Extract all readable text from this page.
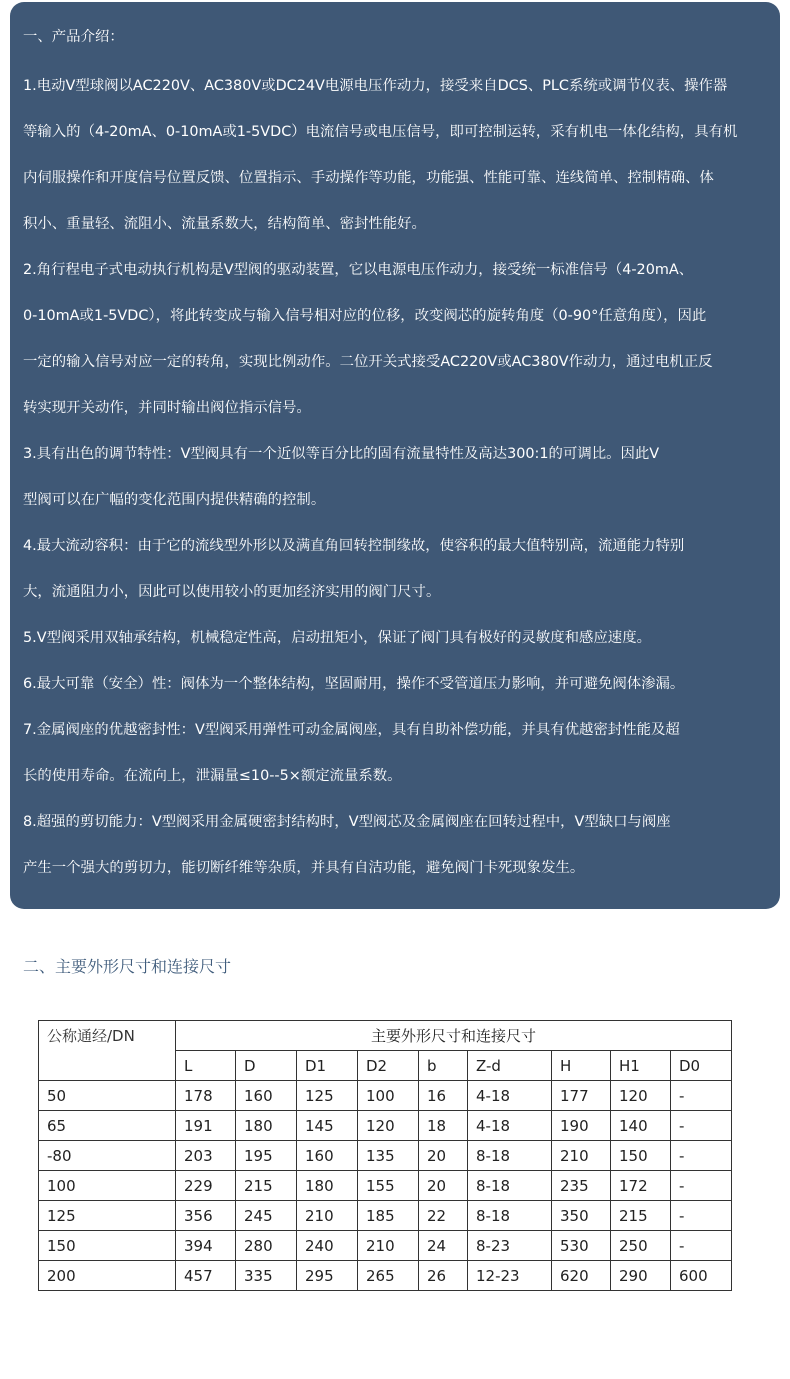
一、产品介绍：
1.电动V型球阀以AC220V、AC380V或DC24V电源电压作动力，接受来自DCS、PLC系统或调节仪表、操作器
等输入的（4-20mA、0-10mA或1-5VDC）电流信号或电压信号，即可控制运转，采有机电一体化结构，具有机
内伺服操作和开度信号位置反馈、位置指示、手动操作等功能，功能强、性能可靠、连线简单、控制精确、体
积小、重量轻、流阻小、流量系数大，结构简单、密封性能好。
2.角行程电子式电动执行机构是V型阀的驱动装置，它以电源电压作动力，接受统一标准信号（4-20mA、
0-10mA或1-5VDC），将此转变成与输入信号相对应的位移，改变阀芯的旋转角度（0-90°任意角度），因此
一定的输入信号对应一定的转角，实现比例动作。二位开关式接受AC220V或AC380V作动力，通过电机正反
转实现开关动作，并同时输出阀位指示信号。
3.具有出色的调节特性：V型阀具有一个近似等百分比的固有流量特性及高达300:1的可调比。因此V
型阀可以在广幅的变化范围内提供精确的控制。
4.最大流动容积：由于它的流线型外形以及满直角回转控制缘故，使容积的最大值特别高，流通能力特别
大，流通阻力小，因此可以使用较小的更加经济实用的阀门尺寸。
5.V型阀采用双轴承结构，机械稳定性高，启动扭矩小，保证了阀门具有极好的灵敏度和感应速度。
6.最大可靠（安全）性：阀体为一个整体结构，坚固耐用，操作不受管道压力影响，并可避免阀体渗漏。
7.金属阀座的优越密封性：V型阀采用弹性可动金属阀座，具有自助补偿功能，并具有优越密封性能及超
长的使用寿命。在流向上，泄漏量≤10--5×额定流量系数。
8.超强的剪切能力：V型阀采用金属硬密封结构时，V型阀芯及金属阀座在回转过程中，V型缺口与阀座
产生一个强大的剪切力，能切断纤维等杂质，并具有自洁功能，避免阀门卡死现象发生。
二、主要外形尺寸和连接尺寸
公称通经/DN	主要外形尺寸和连接尺寸								
	L	D	D1	D2	b	Z-d	H	H1	D0
50	178	160	125	100	16	4-18	177	120	-
65	191	180	145	120	18	4-18	190	140	-
-80	203	195	160	135	20	8-18	210	150	-
100	229	215	180	155	20	8-18	235	172	-
125	356	245	210	185	22	8-18	350	215	-
150	394	280	240	210	24	8-23	530	250	-
200	457	335	295	265	26	12-23	620	290	600
